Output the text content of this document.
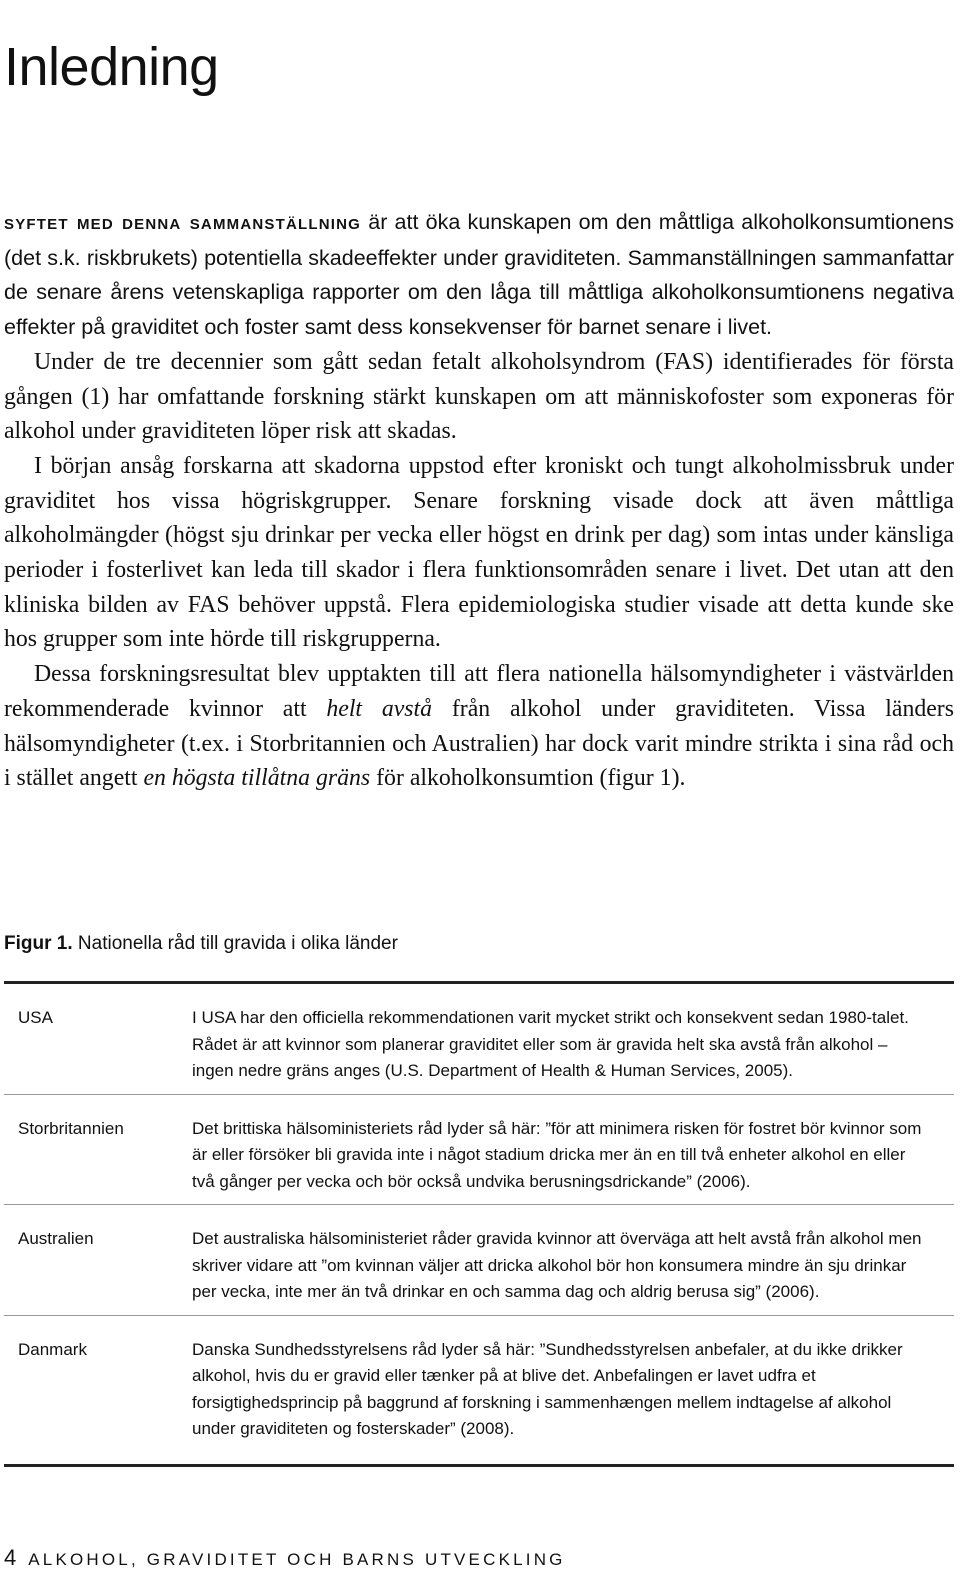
Inledning

syftet med denna sammanställning är att öka kunskapen om den måttliga alkoholkonsumtionens (det s.k. riskbrukets) potentiella skadeeffekter under graviditeten. Sammanställningen sammanfattar de senare årens vetenskapliga rapporter om den låga till måttliga alkoholkonsumtionens negativa effekter på graviditet och foster samt dess konsekvenser för barnet senare i livet.

Under de tre decennier som gått sedan fetalt alkoholsyndrom (FAS) identifierades för första gången (1) har omfattande forskning stärkt kunskapen om att människofoster som exponeras för alkohol under graviditeten löper risk att skadas.

I början ansåg forskarna att skadorna uppstod efter kroniskt och tungt alkoholmissbruk under graviditet hos vissa högriskgrupper. Senare forskning visade dock att även måttliga alkoholmängder (högst sju drinkar per vecka eller högst en drink per dag) som intas under känsliga perioder i fosterlivet kan leda till skador i flera funktionsområden senare i livet. Det utan att den kliniska bilden av FAS behöver uppstå. Flera epidemiologiska studier visade att detta kunde ske hos grupper som inte hörde till riskgrupperna.

Dessa forskningsresultat blev upptakten till att flera nationella hälsomyndigheter i västvärlden rekommenderade kvinnor att helt avstå från alkohol under graviditeten. Vissa länders hälsomyndigheter (t.ex. i Storbritannien och Australien) har dock varit mindre strikta i sina råd och i stället angett en högsta tillåtna gräns för alkoholkonsumtion (figur 1).

Figur 1. Nationella råd till gravida i olika länder
USA	I USA har den officiella rekommendationen varit mycket strikt och konsekvent sedan 1980-talet. Rådet är att kvinnor som planerar graviditet eller som är gravida helt ska avstå från alkohol – ingen nedre gräns anges (U.S. Department of Health & Human Services, 2005).
Storbritannien	Det brittiska hälsoministeriets råd lyder så här: ”för att minimera risken för fostret bör kvinnor som är eller försöker bli gravida inte i något stadium dricka mer än en till två enheter alkohol en eller två gånger per vecka och bör också undvika berusningsdrickande” (2006).
Australien	Det australiska hälsoministeriet råder gravida kvinnor att överväga att helt avstå från alkohol men skriver vidare att ”om kvinnan väljer att dricka alkohol bör hon konsumera mindre än sju drinkar per vecka, inte mer än två drinkar en och samma dag och aldrig berusa sig” (2006).
Danmark	Danska Sundhedsstyrelsens råd lyder så här: ”Sundhedsstyrelsen anbefaler, at du ikke drikker alkohol, hvis du er gravid eller tænker på at blive det. Anbefalingen er lavet udfra et forsigtighedsprincip på baggrund af forskning i sammenhængen mellem indtagelse af alkohol under graviditeten og fosterskader” (2008).
4 ALKOHOL, GRAVIDITET OCH BARNS UTVECKLING
